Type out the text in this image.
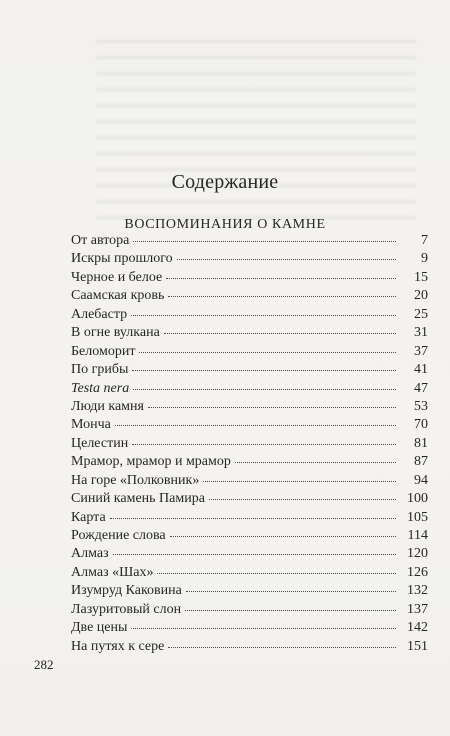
Содержание
ВОСПОМИНАНИЯ О КАМНЕ
От автора	7
Искры прошлого	9
Черное и белое	15
Саамская кровь	20
Алебастр	25
В огне вулкана	31
Беломорит	37
По грибы	41
Testa nera	47
Люди камня	53
Монча	70
Целестин	81
Мрамор, мрамор и мрамор	87
На горе «Полковник»	94
Синий камень Памира	100
Карта	105
Рождение слова	114
Алмаз	120
Алмаз «Шах»	126
Изумруд Каковина	132
Лазуритовый слон	137
Две цены	142
На путях к сере	151
282
